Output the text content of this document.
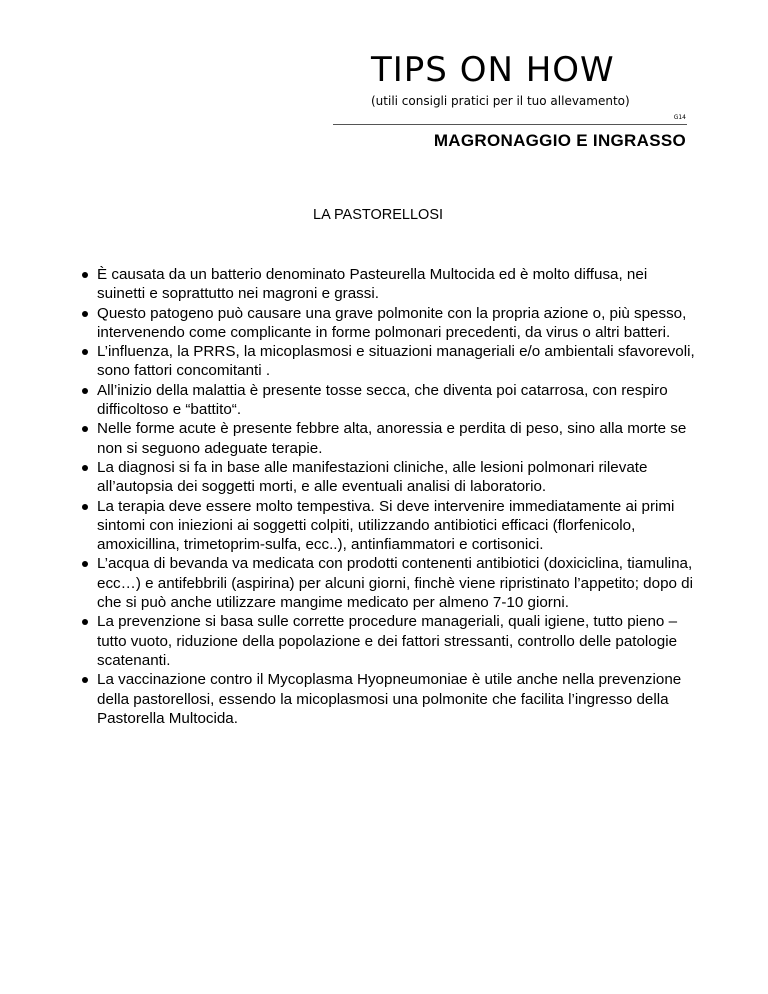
TIPS ON HOW
(utili consigli pratici per il tuo allevamento)
G14
MAGRONAGGIO E INGRASSO
LA PASTORELLOSI
È causata da un batterio denominato Pasteurella Multocida ed è molto diffusa, nei suinetti e soprattutto nei magroni e grassi.
Questo patogeno può causare una grave polmonite con la propria azione o, più spesso, intervenendo come complicante in forme polmonari precedenti, da virus o altri batteri.
L’influenza, la PRRS, la micoplasmosi e situazioni manageriali e/o ambientali sfavorevoli, sono fattori concomitanti .
All’inizio della malattia è presente tosse secca, che diventa poi catarrosa, con respiro difficoltoso e “battito“.
Nelle forme acute è presente febbre alta, anoressia e perdita di peso, sino alla morte se non si seguono adeguate terapie.
La diagnosi si fa in base alle manifestazioni cliniche, alle lesioni polmonari rilevate all’autopsia dei soggetti morti, e alle eventuali analisi di laboratorio.
La terapia deve essere molto tempestiva. Si deve intervenire immediatamente ai primi sintomi con iniezioni ai soggetti colpiti, utilizzando antibiotici efficaci (florfenicolo, amoxicillina, trimetoprim-sulfa, ecc..), antinfiammatori e cortisonici.
L’acqua di bevanda va medicata con prodotti contenenti antibiotici (doxiciclina, tiamulina, ecc…) e antifebbrili (aspirina) per alcuni giorni, finchè viene ripristinato l’appetito; dopo di che si può anche utilizzare mangime medicato per almeno 7-10 giorni.
La prevenzione si basa sulle corrette procedure manageriali, quali igiene, tutto pieno – tutto vuoto, riduzione della popolazione e dei fattori stressanti, controllo delle patologie scatenanti.
La vaccinazione contro il Mycoplasma Hyopneumoniae è utile anche nella prevenzione della pastorellosi, essendo la micoplasmosi una polmonite che facilita l’ingresso della Pastorella Multocida.
